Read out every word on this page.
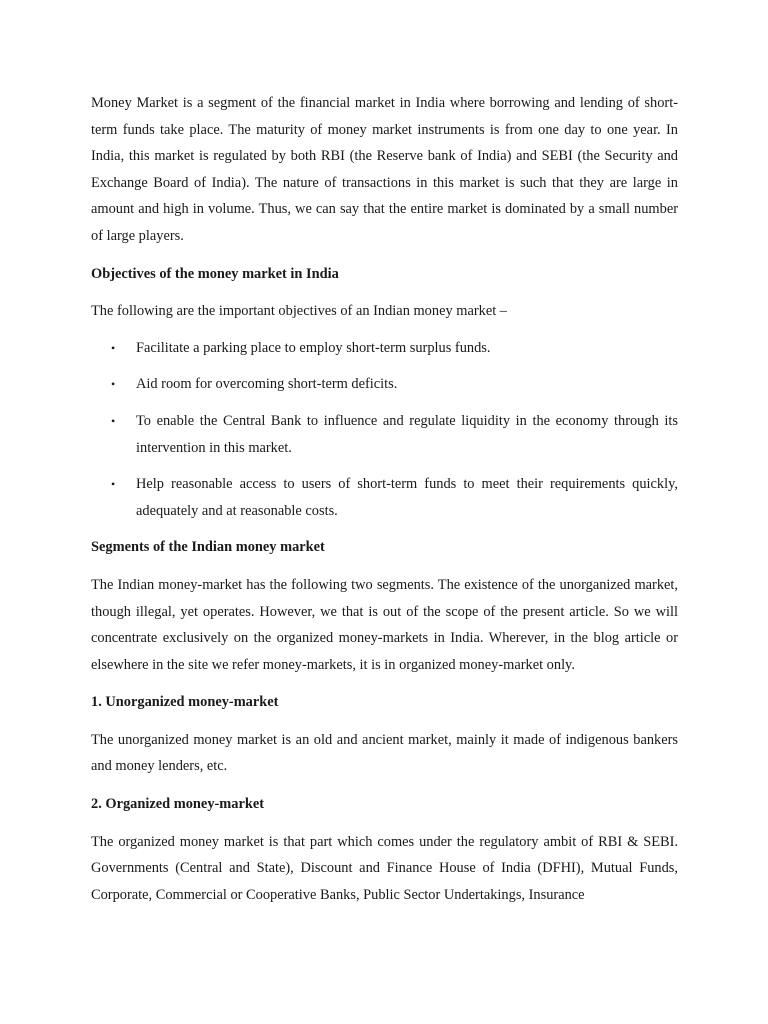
Money Market is a segment of the financial market in India where borrowing and lending of short-term funds take place. The maturity of money market instruments is from one day to one year. In India, this market is regulated by both RBI (the Reserve bank of India) and SEBI (the Security and Exchange Board of India). The nature of transactions in this market is such that they are large in amount and high in volume. Thus, we can say that the entire market is dominated by a small number of large players.

Objectives of the money market in India

The following are the important objectives of an Indian money market –

• Facilitate a parking place to employ short-term surplus funds.
• Aid room for overcoming short-term deficits.
• To enable the Central Bank to influence and regulate liquidity in the economy through its intervention in this market.
• Help reasonable access to users of short-term funds to meet their requirements quickly, adequately and at reasonable costs.
Segments of the Indian money market

The Indian money-market has the following two segments. The existence of the unorganized market, though illegal, yet operates. However, we that is out of the scope of the present article. So we will concentrate exclusively on the organized money-markets in India. Wherever, in the blog article or elsewhere in the site we refer money-markets, it is in organized money-market only.

1. Unorganized money-market

The unorganized money market is an old and ancient market, mainly it made of indigenous bankers and money lenders, etc.

2. Organized money-market

The organized money market is that part which comes under the regulatory ambit of RBI & SEBI. Governments (Central and State), Discount and Finance House of India (DFHI), Mutual Funds, Corporate, Commercial or Cooperative Banks, Public Sector Undertakings, Insurance
